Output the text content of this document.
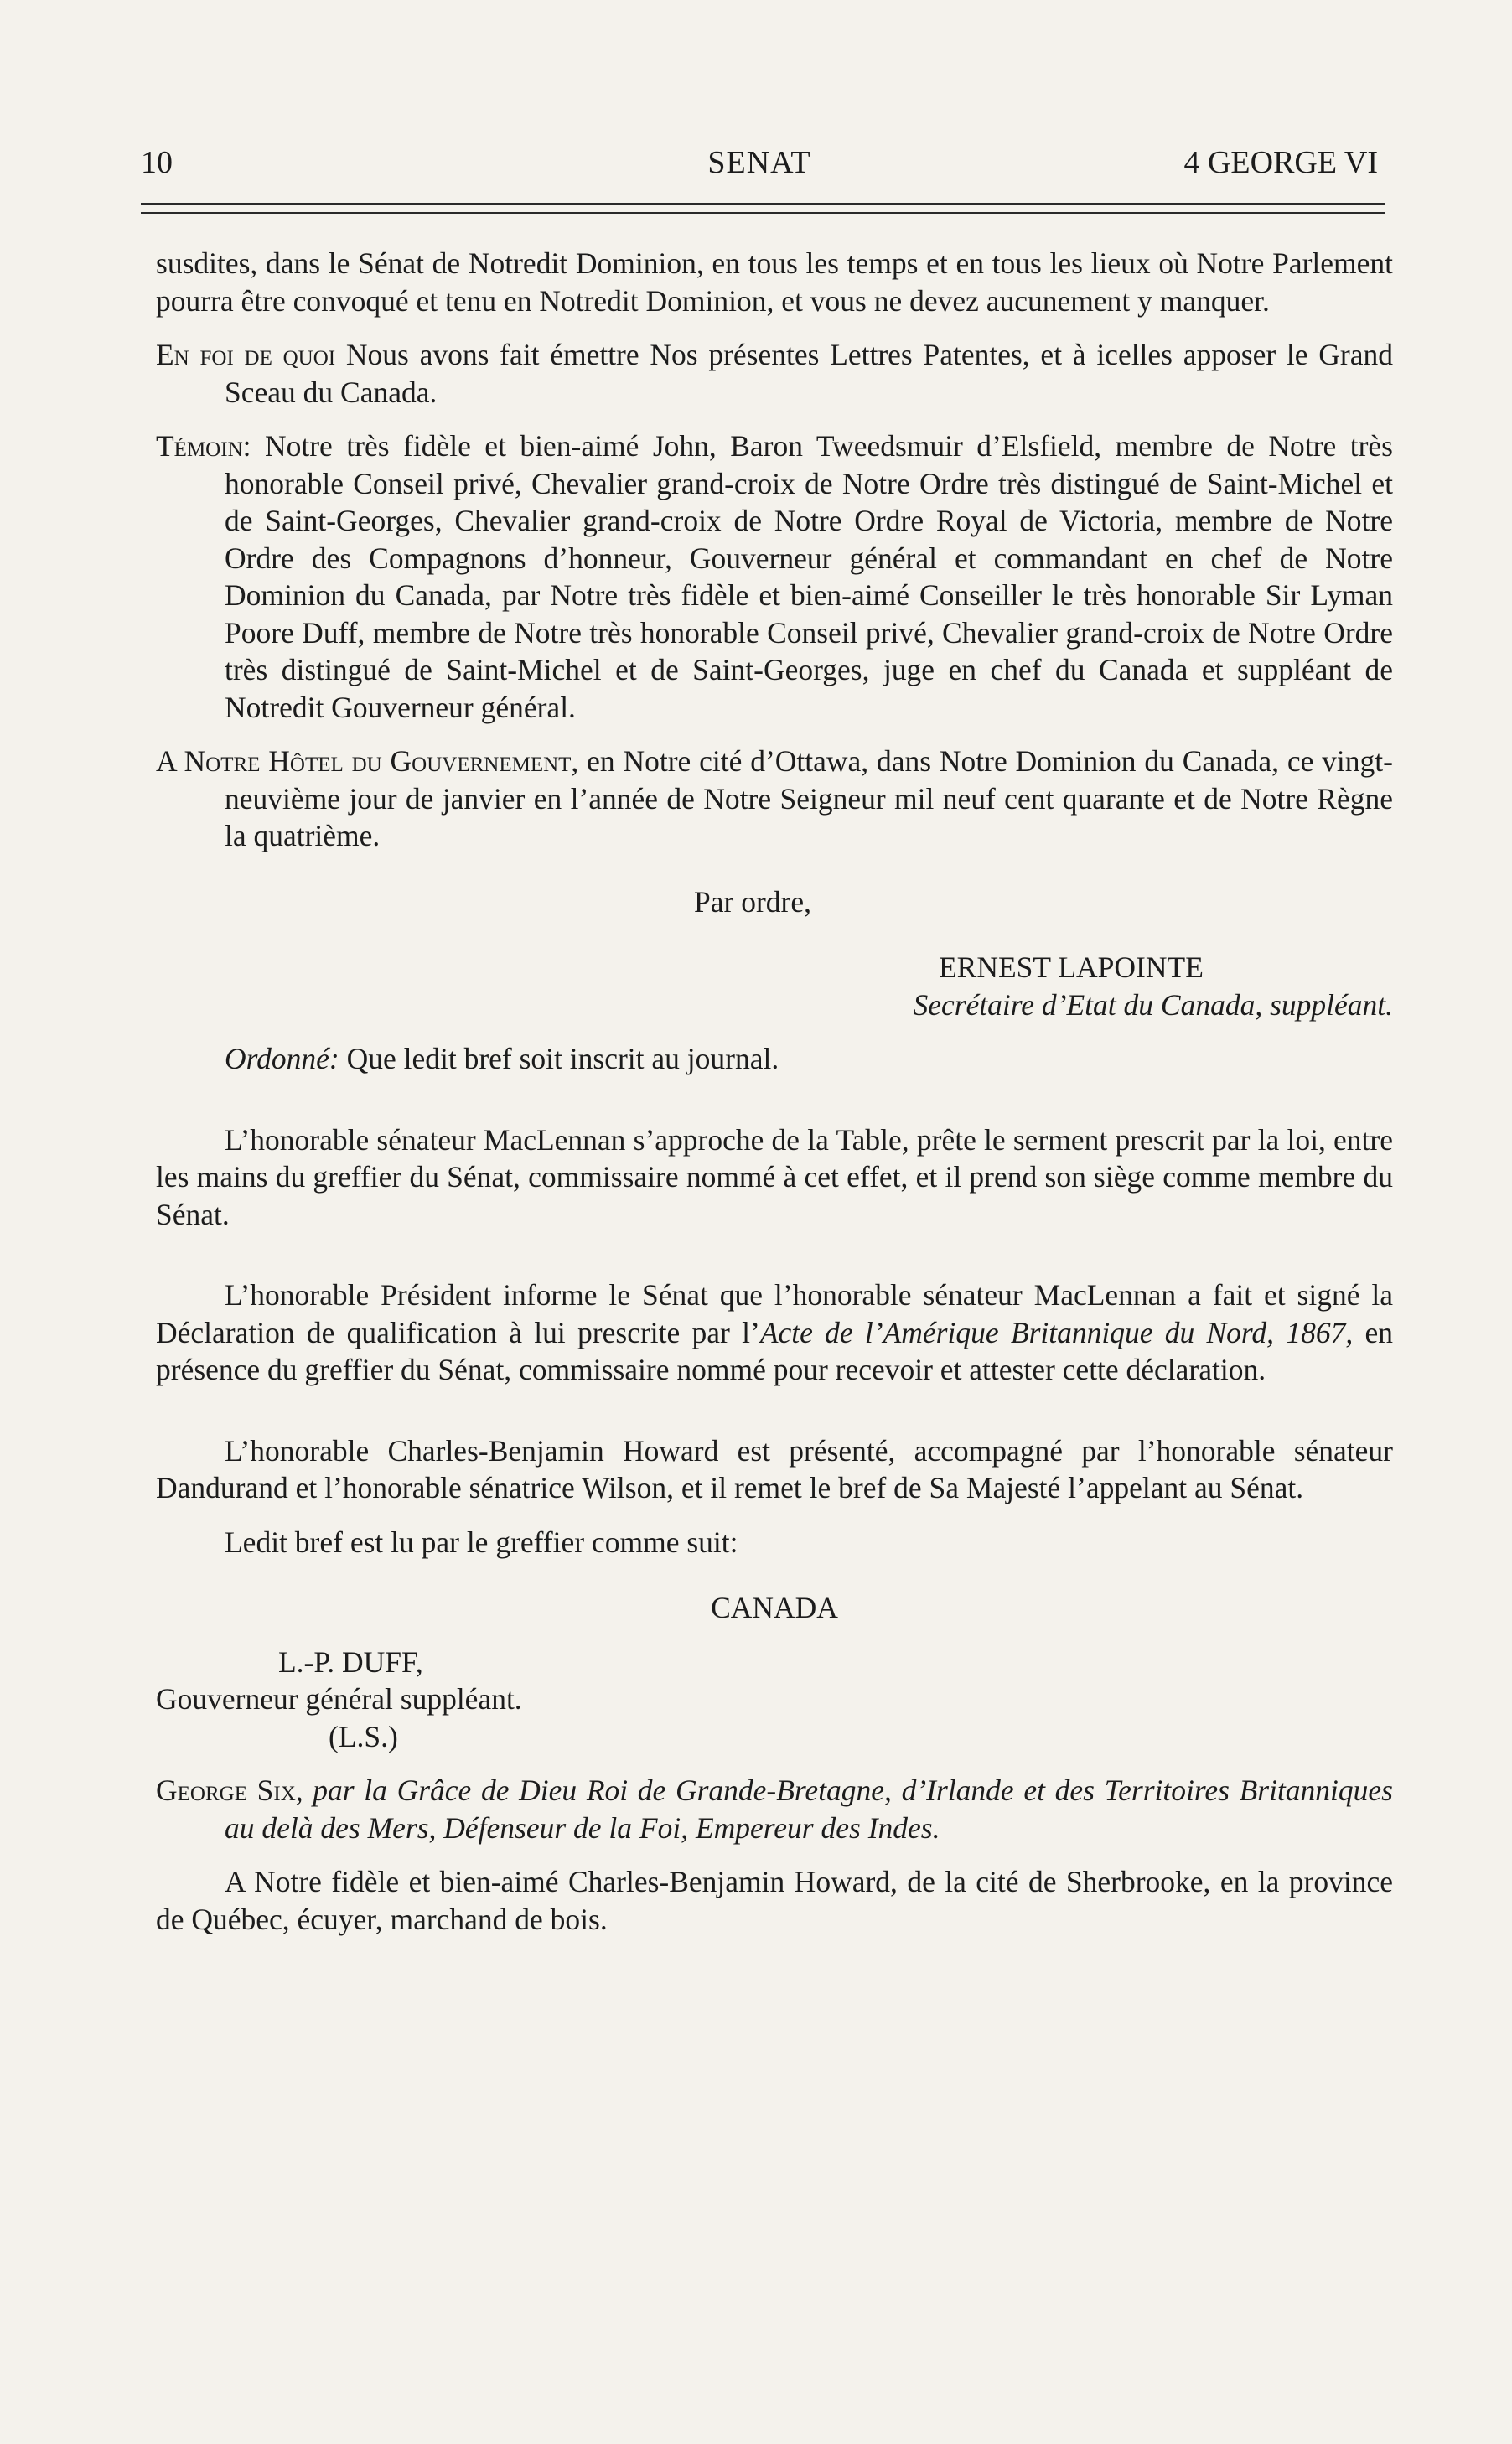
10	SENAT	4 GEORGE VI

susdites, dans le Sénat de Notredit Dominion, en tous les temps et en tous les lieux où Notre Parlement pourra être convoqué et tenu en Notredit Dominion, et vous ne devez aucunement y manquer.

En foi de quoi Nous avons fait émettre Nos présentes Lettres Patentes, et à icelles apposer le Grand Sceau du Canada.

Témoin: Notre très fidèle et bien-aimé John, Baron Tweedsmuir d’Elsfield, membre de Notre très honorable Conseil privé, Chevalier grand-croix de Notre Ordre très distingué de Saint-Michel et de Saint-Georges, Chevalier grand-croix de Notre Ordre Royal de Victoria, membre de Notre Ordre des Compagnons d’honneur, Gouverneur général et commandant en chef de Notre Dominion du Canada, par Notre très fidèle et bien-aimé Conseiller le très honorable Sir Lyman Poore Duff, membre de Notre très honorable Conseil privé, Chevalier grand-croix de Notre Ordre très distingué de Saint-Michel et de Saint-Georges, juge en chef du Canada et suppléant de Notredit Gouverneur général.

A Notre Hôtel du Gouvernement, en Notre cité d’Ottawa, dans Notre Dominion du Canada, ce vingt-neuvième jour de janvier en l’année de Notre Seigneur mil neuf cent quarante et de Notre Règne la quatrième.

Par ordre,

ERNEST LAPOINTE

Secrétaire d’Etat du Canada, suppléant.

Ordonné: Que ledit bref soit inscrit au journal.

L’honorable sénateur MacLennan s’approche de la Table, prête le serment prescrit par la loi, entre les mains du greffier du Sénat, commissaire nommé à cet effet, et il prend son siège comme membre du Sénat.

L’honorable Président informe le Sénat que l’honorable sénateur MacLennan a fait et signé la Déclaration de qualification à lui prescrite par l’Acte de l’Amérique Britannique du Nord, 1867, en présence du greffier du Sénat, commissaire nommé pour recevoir et attester cette déclaration.

L’honorable Charles-Benjamin Howard est présenté, accompagné par l’honorable sénateur Dandurand et l’honorable sénatrice Wilson, et il remet le bref de Sa Majesté l’appelant au Sénat.

Ledit bref est lu par le greffier comme suit:

CANADA

L.-P. DUFF,

Gouverneur général suppléant.

(L.S.)

George Six, par la Grâce de Dieu Roi de Grande-Bretagne, d’Irlande et des Territoires Britanniques au delà des Mers, Défenseur de la Foi, Empereur des Indes.

A Notre fidèle et bien-aimé Charles-Benjamin Howard, de la cité de Sherbrooke, en la province de Québec, écuyer, marchand de bois.
